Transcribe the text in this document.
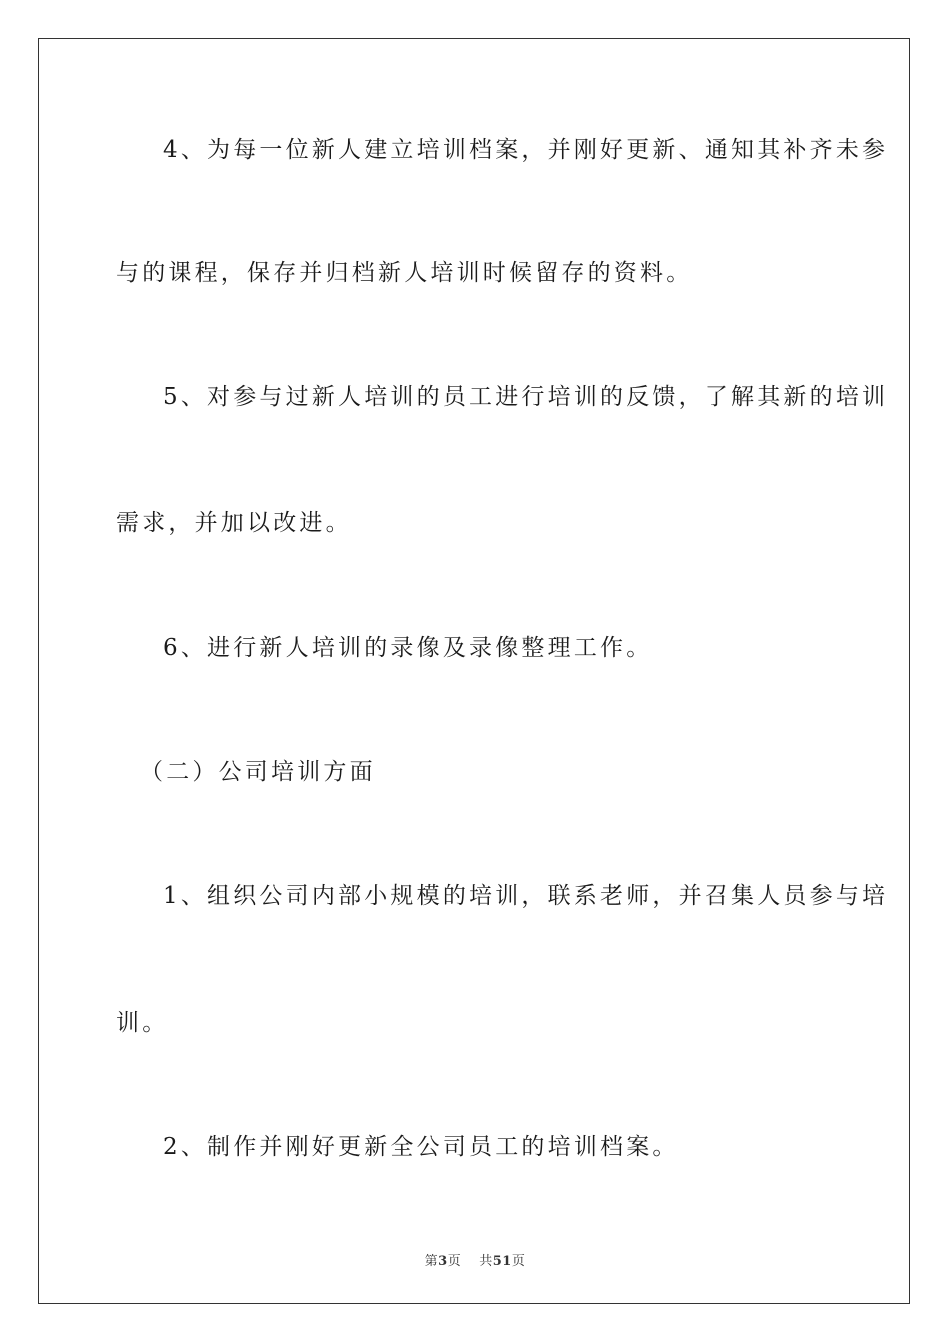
4、为每一位新人建立培训档案，并刚好更新、通知其补齐未参
与的课程，保存并归档新人培训时候留存的资料。
5、对参与过新人培训的员工进行培训的反馈，了解其新的培训
需求，并加以改进。
6、进行新人培训的录像及录像整理工作。
（二）公司培训方面
1、组织公司内部小规模的培训，联系老师，并召集人员参与培
训。
2、制作并刚好更新全公司员工的培训档案。
第3页 共51页
